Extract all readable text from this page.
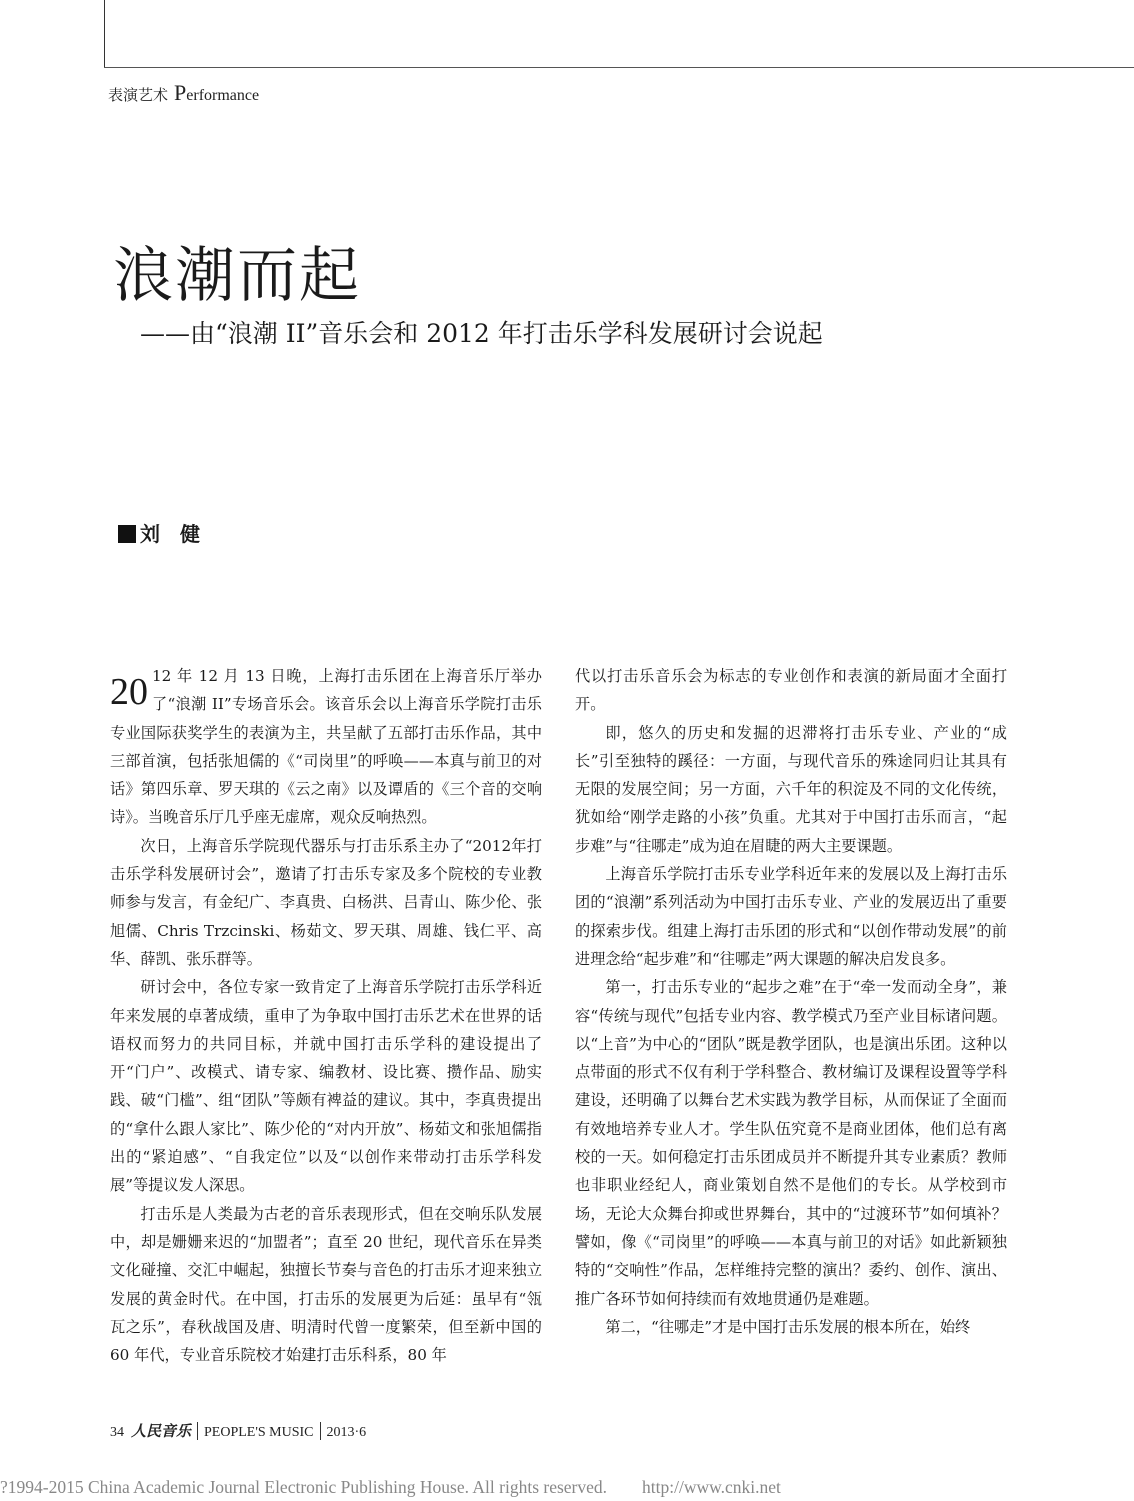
表演艺术 Performance
浪潮而起
——由“浪潮 II”音乐会和 2012 年打击乐学科发展研讨会说起
刘　健

20 12 年 12 月 13 日晚，上海打击乐团在上海音乐厅举办了“浪潮 II”专场音乐会。该音乐会以上海音乐学院打击乐专业国际获奖学生的表演为主，共呈献了五部打击乐作品，其中三部首演，包括张旭儒的《“司岗里”的呼唤——本真与前卫的对话》第四乐章、罗天琪的《云之南》以及谭盾的《三个音的交响诗》。当晚音乐厅几乎座无虚席，观众反响热烈。

次日，上海音乐学院现代器乐与打击乐系主办了“2012年打击乐学科发展研讨会”，邀请了打击乐专家及多个院校的专业教师参与发言，有金纪广、李真贵、白杨洪、吕青山、陈少伦、张旭儒、Chris Trzcinski、杨茹文、罗天琪、周雄、钱仁平、高华、薛凯、张乐群等。

研讨会中，各位专家一致肯定了上海音乐学院打击乐学科近年来发展的卓著成绩，重申了为争取中国打击乐艺术在世界的话语权而努力的共同目标，并就中国打击乐学科的建设提出了开“门户”、改模式、请专家、编教材、设比赛、攒作品、励实践、破“门槛”、组“团队”等颇有裨益的建议。其中，李真贵提出的“拿什么跟人家比”、陈少伦的“对内开放”、杨茹文和张旭儒指出的“紧迫感”、“自我定位”以及“以创作来带动打击乐学科发展”等提议发人深思。

打击乐是人类最为古老的音乐表现形式，但在交响乐队发展中，却是姗姗来迟的“加盟者”；直至 20 世纪，现代音乐在异类文化碰撞、交汇中崛起，独擅长节奏与音色的打击乐才迎来独立发展的黄金时代。在中国，打击乐的发展更为后延：虽早有“瓴瓦之乐”，春秋战国及唐、明清时代曾一度繁荣，但至新中国的 60 年代，专业音乐院校才始建打击乐科系，80 年

代以打击乐音乐会为标志的专业创作和表演的新局面才全面打开。

即，悠久的历史和发掘的迟滞将打击乐专业、产业的“成长”引至独特的蹊径：一方面，与现代音乐的殊途同归让其具有无限的发展空间；另一方面，六千年的积淀及不同的文化传统，犹如给“刚学走路的小孩”负重。尤其对于中国打击乐而言，“起步难”与“往哪走”成为迫在眉睫的两大主要课题。

上海音乐学院打击乐专业学科近年来的发展以及上海打击乐团的“浪潮”系列活动为中国打击乐专业、产业的发展迈出了重要的探索步伐。组建上海打击乐团的形式和“以创作带动发展”的前进理念给“起步难”和“往哪走”两大课题的解决启发良多。

第一，打击乐专业的“起步之难”在于“牵一发而动全身”，兼容“传统与现代”包括专业内容、教学模式乃至产业目标诸问题。以“上音”为中心的“团队”既是教学团队，也是演出乐团。这种以点带面的形式不仅有利于学科整合、教材编订及课程设置等学科建设，还明确了以舞台艺术实践为教学目标，从而保证了全面而有效地培养专业人才。学生队伍究竟不是商业团体，他们总有离校的一天。如何稳定打击乐团成员并不断提升其专业素质？教师也非职业经纪人，商业策划自然不是他们的专长。从学校到市场，无论大众舞台抑或世界舞台，其中的“过渡环节”如何填补？譬如，像《“司岗里”的呼唤——本真与前卫的对话》如此新颖独特的“交响性”作品，怎样维持完整的演出？委约、创作、演出、推广各环节如何持续而有效地贯通仍是难题。

第二，“往哪走”才是中国打击乐发展的根本所在，始终

34 人民音乐 PEOPLE'S MUSIC 2013·6
?1994-2015 China Academic Journal Electronic Publishing House. All rights reserved.　　http://www.cnki.net
